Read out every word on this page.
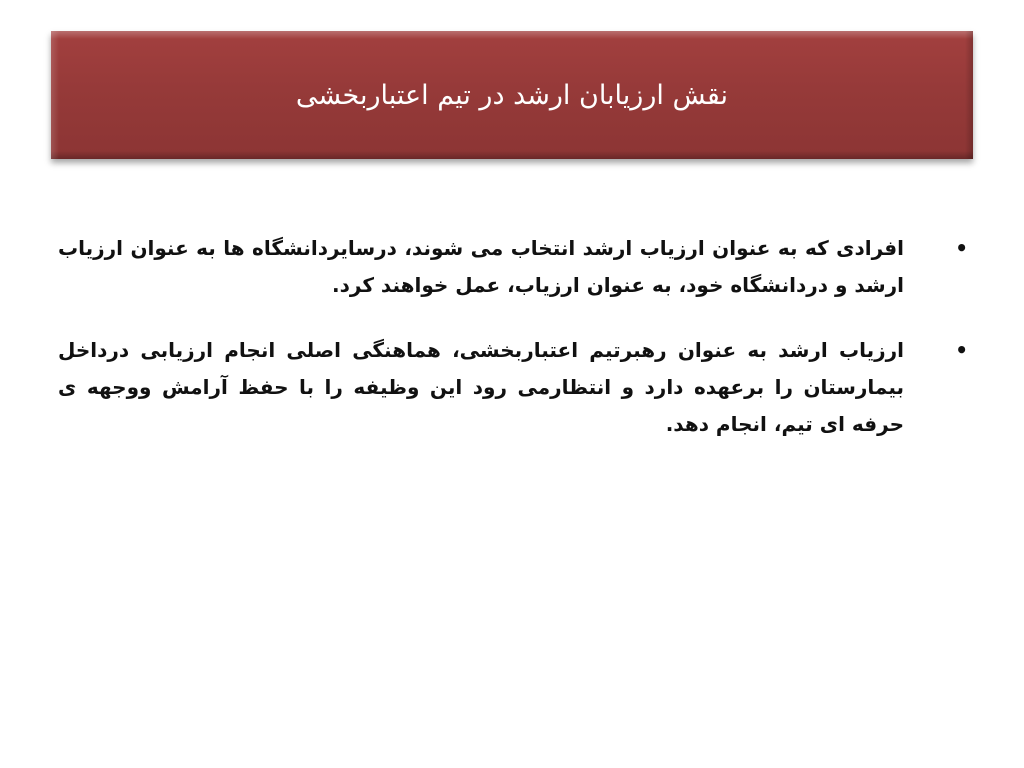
نقش ارزیابان ارشد در تیم اعتباربخشی
•
افرادی که به عنوان ارزیاب ارشد انتخاب می شوند، درسایردانشگاه ها به عنوان ارزیاب ارشد و دردانشگاه خود، به عنوان ارزیاب، عمل خواهند کرد.
•
ارزیاب ارشد به عنوان رهبرتیم اعتباربخشی، هماهنگی اصلی انجام ارزیابی درداخل بیمارستان را برعهده دارد و انتظارمی رود این وظیفه را با حفظ آرامش ووجهه ی حرفه ای تیم، انجام دهد.
